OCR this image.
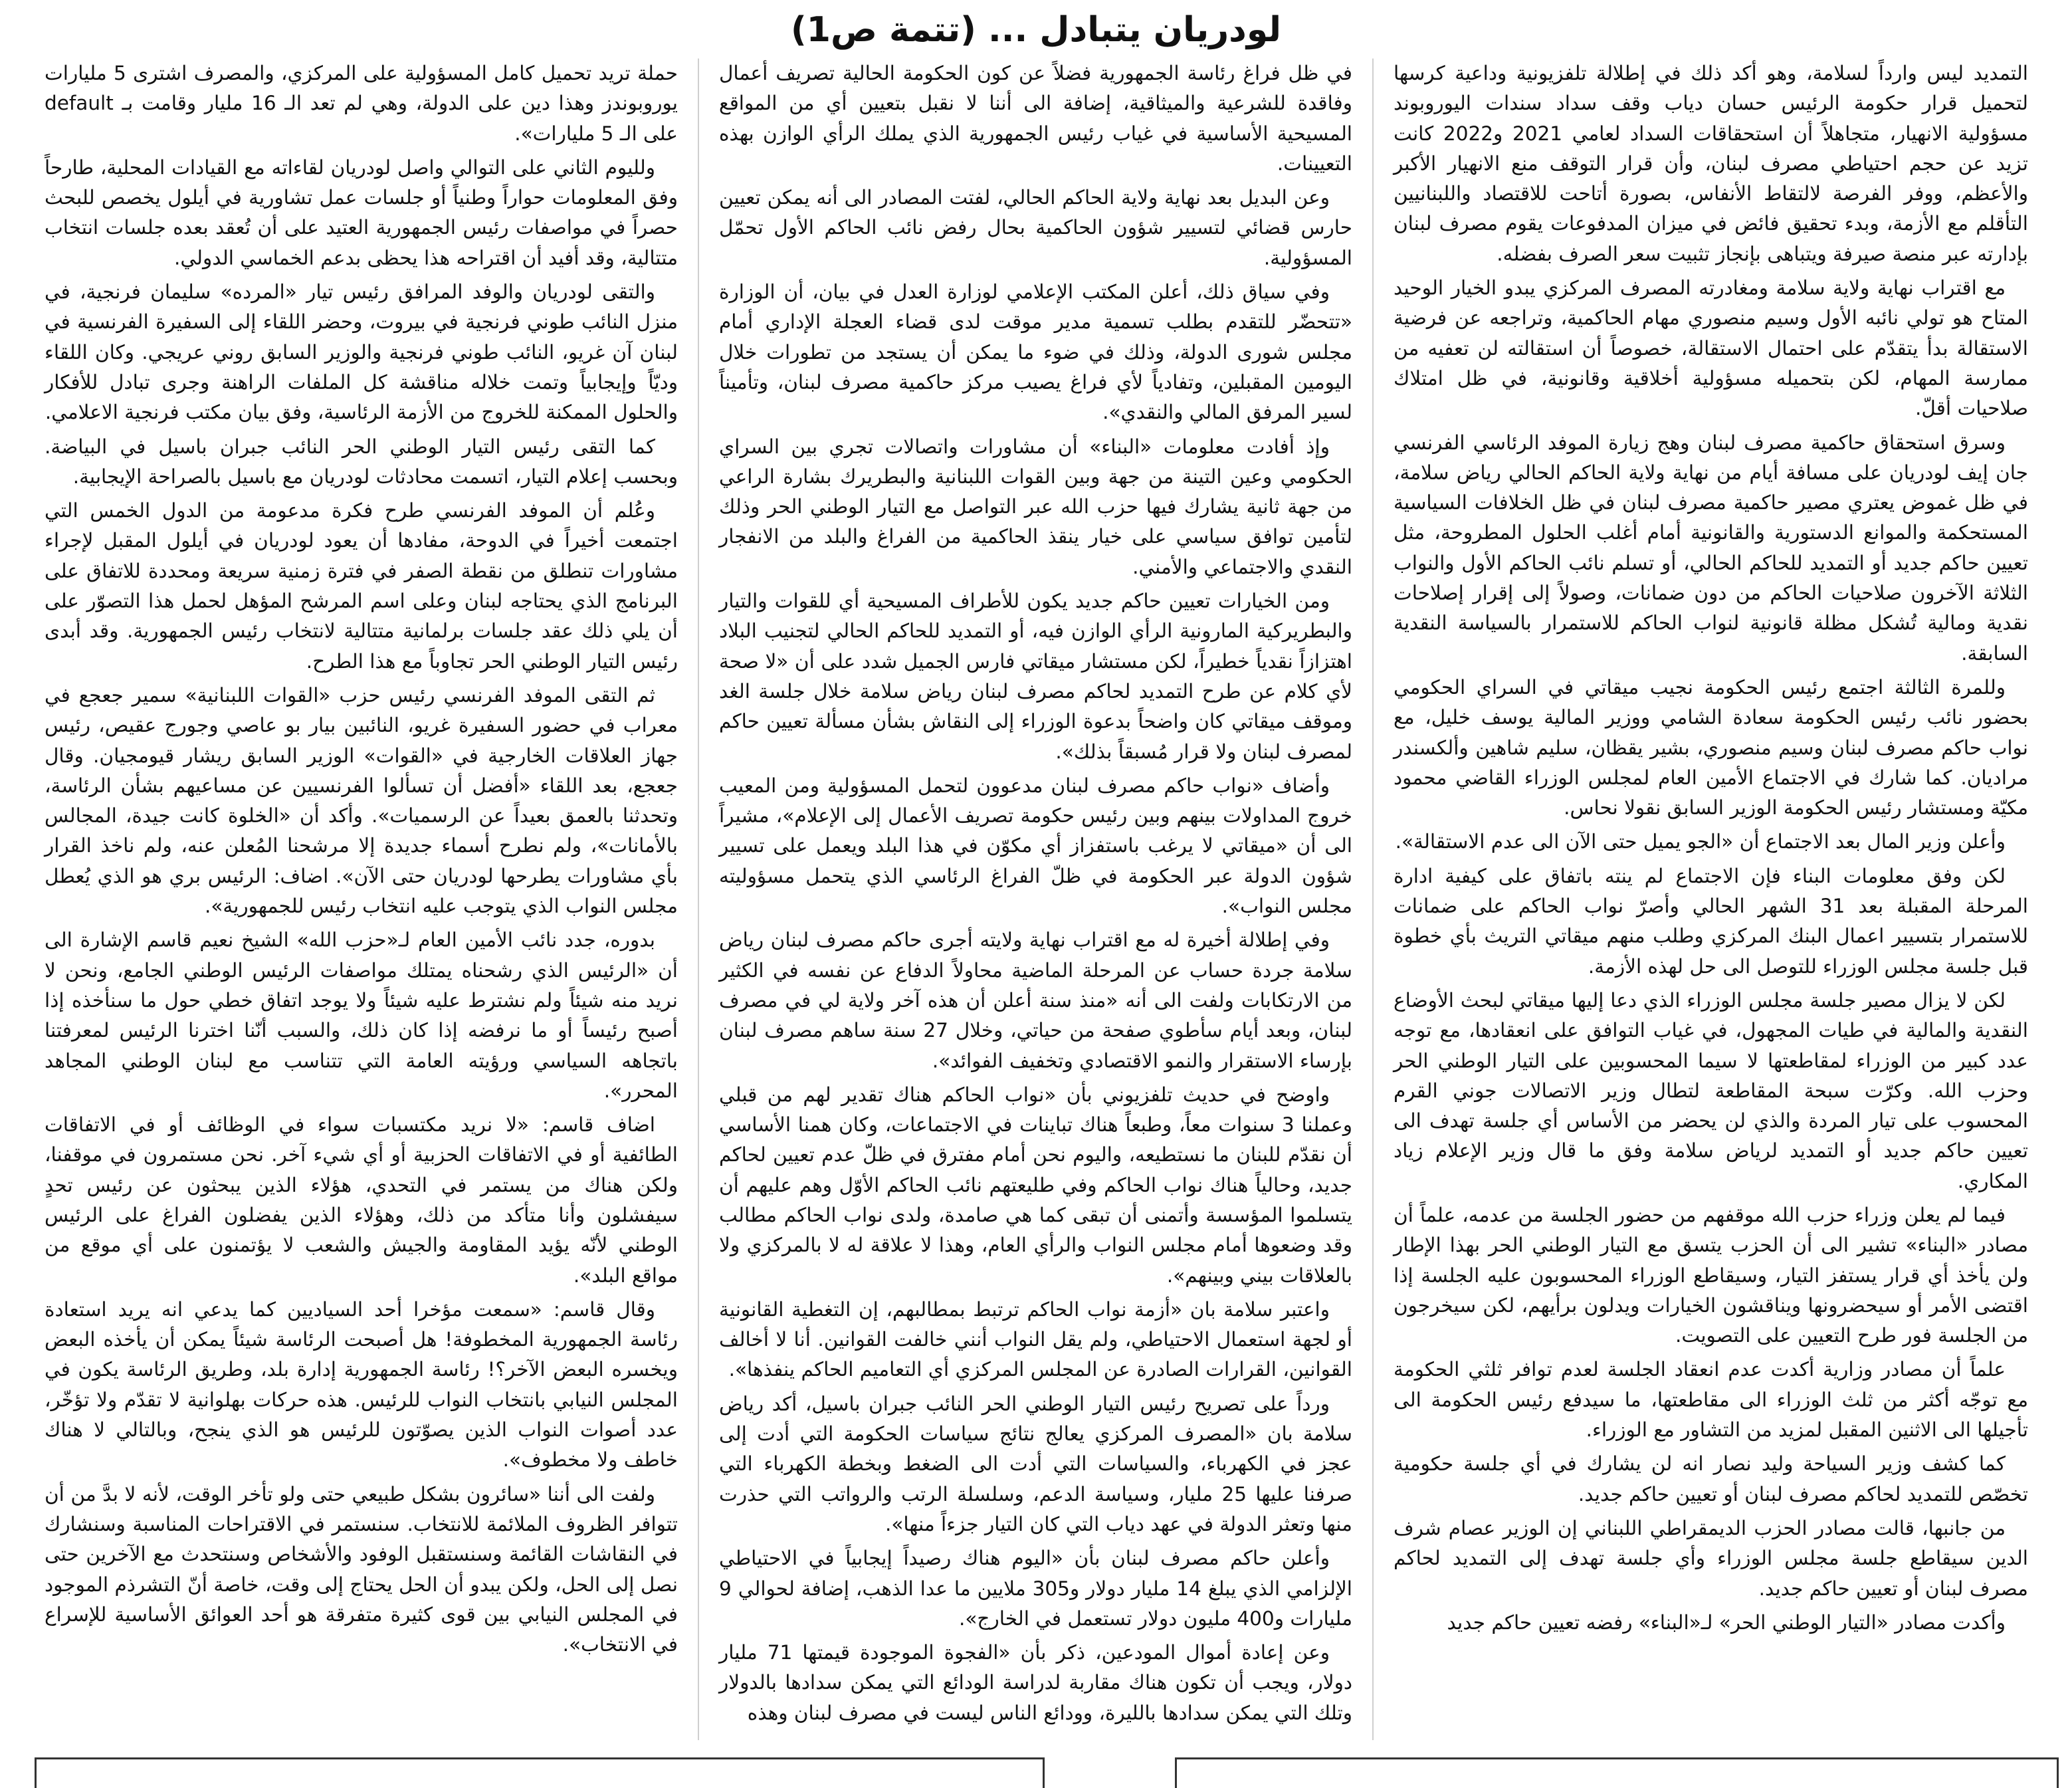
لودريان يتبادل ... (تتمة ص1)

التمديد ليس وارداً لسلامة، وهو أكد ذلك في إطلالة تلفزيونية وداعية كرسها لتحميل قرار حكومة الرئيس حسان دياب وقف سداد سندات اليوروبوند مسؤولية الانهيار، متجاهلاً أن استحقاقات السداد لعامي 2021 و2022 كانت تزيد عن حجم احتياطي مصرف لبنان، وأن قرار التوقف منع الانهيار الأكبر والأعظم، ووفر الفرصة لالتقاط الأنفاس، بصورة أتاحت للاقتصاد واللبنانيين التأقلم مع الأزمة، وبدء تحقيق فائض في ميزان المدفوعات يقوم مصرف لبنان بإدارته عبر منصة صيرفة ويتباهى بإنجاز تثبيت سعر الصرف بفضله.

مع اقتراب نهاية ولاية سلامة ومغادرته المصرف المركزي يبدو الخيار الوحيد المتاح هو تولي نائبه الأول وسيم منصوري مهام الحاكمية، وتراجعه عن فرضية الاستقالة بدأ يتقدّم على احتمال الاستقالة، خصوصاً أن استقالته لن تعفيه من ممارسة المهام، لكن بتحميله مسؤولية أخلاقية وقانونية، في ظل امتلاك صلاحيات أقلّ.

وسرق استحقاق حاكمية مصرف لبنان وهج زيارة الموفد الرئاسي الفرنسي جان إيف لودريان على مسافة أيام من نهاية ولاية الحاكم الحالي رياض سلامة، في ظل غموض يعتري مصير حاكمية مصرف لبنان في ظل الخلافات السياسية المستحكمة والموانع الدستورية والقانونية أمام أغلب الحلول المطروحة، مثل تعيين حاكم جديد أو التمديد للحاكم الحالي، أو تسلم نائب الحاكم الأول والنواب الثلاثة الآخرون صلاحيات الحاكم من دون ضمانات، وصولاً إلى إقرار إصلاحات نقدية ومالية تُشكل مظلة قانونية لنواب الحاكم للاستمرار بالسياسة النقدية السابقة.

وللمرة الثالثة اجتمع رئيس الحكومة نجيب ميقاتي في السراي الحكومي بحضور نائب رئيس الحكومة سعادة الشامي ووزير المالية يوسف خليل، مع نواب حاكم مصرف لبنان وسيم منصوري، بشير يقظان، سليم شاهين وألكسندر مراديان. كما شارك في الاجتماع الأمين العام لمجلس الوزراء القاضي محمود مكيّة ومستشار رئيس الحكومة الوزير السابق نقولا نحاس.

وأعلن وزير المال بعد الاجتماع أن «الجو يميل حتى الآن الى عدم الاستقالة».

لكن وفق معلومات البناء فإن الاجتماع لم ينته باتفاق على كيفية ادارة المرحلة المقبلة بعد 31 الشهر الحالي وأصرّ نواب الحاكم على ضمانات للاستمرار بتسيير اعمال البنك المركزي وطلب منهم ميقاتي التريث بأي خطوة قبل جلسة مجلس الوزراء للتوصل الى حل لهذه الأزمة.

لكن لا يزال مصير جلسة مجلس الوزراء الذي دعا إليها ميقاتي لبحث الأوضاع النقدية والمالية في طيات المجهول، في غياب التوافق على انعقادها، مع توجه عدد كبير من الوزراء لمقاطعتها لا سيما المحسوبين على التيار الوطني الحر وحزب الله. وكرّت سبحة المقاطعة لتطال وزير الاتصالات جوني القرم المحسوب على تيار المردة والذي لن يحضر من الأساس أي جلسة تهدف الى تعيين حاكم جديد أو التمديد لرياض سلامة وفق ما قال وزير الإعلام زياد المكاري.

فيما لم يعلن وزراء حزب الله موقفهم من حضور الجلسة من عدمه، علماً أن مصادر «البناء» تشير الى أن الحزب يتسق مع التيار الوطني الحر بهذا الإطار ولن يأخذ أي قرار يستفز التيار، وسيقاطع الوزراء المحسوبون عليه الجلسة إذا اقتضى الأمر أو سيحضرونها ويناقشون الخيارات ويدلون برأيهم، لكن سيخرجون من الجلسة فور طرح التعيين على التصويت.

علماً أن مصادر وزارية أكدت عدم انعقاد الجلسة لعدم توافر ثلثي الحكومة مع توجّه أكثر من ثلث الوزراء الى مقاطعتها، ما سيدفع رئيس الحكومة الى تأجيلها الى الاثنين المقبل لمزيد من التشاور مع الوزراء.

كما كشف وزير السياحة وليد نصار انه لن يشارك في أي جلسة حكومية تخصّص للتمديد لحاكم مصرف لبنان أو تعيين حاكم جديد.

من جانبها، قالت مصادر الحزب الديمقراطي اللبناني إن الوزير عصام شرف الدين سيقاطع جلسة مجلس الوزراء وأي جلسة تهدف إلى التمديد لحاكم مصرف لبنان أو تعيين حاكم جديد.

وأكدت مصادر «التيار الوطني الحر» لـ«البناء» رفضه تعيين حاكم جديد

في ظل فراغ رئاسة الجمهورية فضلاً عن كون الحكومة الحالية تصريف أعمال وفاقدة للشرعية والميثاقية، إضافة الى أننا لا نقبل بتعيين أي من المواقع المسيحية الأساسية في غياب رئيس الجمهورية الذي يملك الرأي الوازن بهذه التعيينات.

وعن البديل بعد نهاية ولاية الحاكم الحالي، لفتت المصادر الى أنه يمكن تعيين حارس قضائي لتسيير شؤون الحاكمية بحال رفض نائب الحاكم الأول تحمّل المسؤولية.

وفي سياق ذلك، أعلن المكتب الإعلامي لوزارة العدل في بيان، أن الوزارة «تتحضّر للتقدم بطلب تسمية مدير موقت لدى قضاء العجلة الإداري أمام مجلس شورى الدولة، وذلك في ضوء ما يمكن أن يستجد من تطورات خلال اليومين المقبلين، وتفادياً لأي فراغ يصيب مركز حاكمية مصرف لبنان، وتأميناً لسير المرفق المالي والنقدي».

وإذ أفادت معلومات «البناء» أن مشاورات واتصالات تجري بين السراي الحكومي وعين التينة من جهة وبين القوات اللبنانية والبطريرك بشارة الراعي من جهة ثانية يشارك فيها حزب الله عبر التواصل مع التيار الوطني الحر وذلك لتأمين توافق سياسي على خيار ينقذ الحاكمية من الفراغ والبلد من الانفجار النقدي والاجتماعي والأمني.

ومن الخيارات تعيين حاكم جديد يكون للأطراف المسيحية أي للقوات والتيار والبطريركية المارونية الرأي الوازن فيه، أو التمديد للحاكم الحالي لتجنيب البلاد اهتزازاً نقدياً خطيراً، لكن مستشار ميقاتي فارس الجميل شدد على أن «لا صحة لأي كلام عن طرح التمديد لحاكم مصرف لبنان رياض سلامة خلال جلسة الغد وموقف ميقاتي كان واضحاً بدعوة الوزراء إلى النقاش بشأن مسألة تعيين حاكم لمصرف لبنان ولا قرار مُسبقاً بذلك».

وأضاف «نواب حاكم مصرف لبنان مدعوون لتحمل المسؤولية ومن المعيب خروج المداولات بينهم وبين رئيس حكومة تصريف الأعمال إلى الإعلام»، مشيراً الى أن «ميقاتي لا يرغب باستفزاز أي مكوّن في هذا البلد ويعمل على تسيير شؤون الدولة عبر الحكومة في ظلّ الفراغ الرئاسي الذي يتحمل مسؤوليته مجلس النواب».

وفي إطلالة أخيرة له مع اقتراب نهاية ولايته أجرى حاكم مصرف لبنان رياض سلامة جردة حساب عن المرحلة الماضية محاولاً الدفاع عن نفسه في الكثير من الارتكابات ولفت الى أنه «منذ سنة أعلن أن هذه آخر ولاية لي في مصرف لبنان، وبعد أيام سأطوي صفحة من حياتي، وخلال 27 سنة ساهم مصرف لبنان بإرساء الاستقرار والنمو الاقتصادي وتخفيف الفوائد».

واوضح في حديث تلفزيوني بأن «نواب الحاكم هناك تقدير لهم من قبلي وعملنا 3 سنوات معاً، وطبعاً هناك تباينات في الاجتماعات، وكان همنا الأساسي أن نقدّم للبنان ما نستطيعه، واليوم نحن أمام مفترق في ظلّ عدم تعيين لحاكم جديد، وحالياً هناك نواب الحاكم وفي طليعتهم نائب الحاكم الأوّل وهم عليهم أن يتسلموا المؤسسة وأتمنى أن تبقى كما هي صامدة، ولدى نواب الحاكم مطالب وقد وضعوها أمام مجلس النواب والرأي العام، وهذا لا علاقة له لا بالمركزي ولا بالعلاقات بيني وبينهم».

واعتبر سلامة بان «أزمة نواب الحاكم ترتبط بمطالبهم، إن التغطية القانونية أو لجهة استعمال الاحتياطي، ولم يقل النواب أنني خالفت القوانين. أنا لا أخالف القوانين، القرارات الصادرة عن المجلس المركزي أي التعاميم الحاكم ينفذها».

ورداً على تصريح رئيس التيار الوطني الحر النائب جبران باسيل، أكد رياض سلامة بان «المصرف المركزي يعالج نتائج سياسات الحكومة التي أدت إلى عجز في الكهرباء، والسياسات التي أدت الى الضغط وبخطة الكهرباء التي صرفنا عليها 25 مليار، وسياسة الدعم، وسلسلة الرتب والرواتب التي حذرت منها وتعثر الدولة في عهد دياب التي كان التيار جزءاً منها».

وأعلن حاكم مصرف لبنان بأن «اليوم هناك رصيداً إيجابياً في الاحتياطي الإلزامي الذي يبلغ 14 مليار دولار و305 ملايين ما عدا الذهب، إضافة لحوالي 9 مليارات و400 مليون دولار تستعمل في الخارج».

وعن إعادة أموال المودعين، ذكر بأن «الفجوة الموجودة قيمتها 71 مليار دولار، ويجب أن تكون هناك مقاربة لدراسة الودائع التي يمكن سدادها بالدولار وتلك التي يمكن سدادها بالليرة، وودائع الناس ليست في مصرف لبنان وهذه

حملة تريد تحميل كامل المسؤولية على المركزي، والمصرف اشترى 5 مليارات يوروبوندز وهذا دين على الدولة، وهي لم تعد الـ 16 مليار وقامت بـ default على الـ 5 مليارات».

ولليوم الثاني على التوالي واصل لودريان لقاءاته مع القيادات المحلية، طارحاً وفق المعلومات حواراً وطنياً أو جلسات عمل تشاورية في أيلول يخصص للبحث حصراً في مواصفات رئيس الجمهورية العتيد على أن تُعقد بعده جلسات انتخاب متتالية، وقد أفيد أن اقتراحه هذا يحظى بدعم الخماسي الدولي.

والتقى لودريان والوفد المرافق رئيس تيار «المرده» سليمان فرنجية، في منزل النائب طوني فرنجية في بيروت، وحضر اللقاء إلى السفيرة الفرنسية في لبنان آن غريو، النائب طوني فرنجية والوزير السابق روني عريجي. وكان اللقاء وديّاً وإيجابياً وتمت خلاله مناقشة كل الملفات الراهنة وجرى تبادل للأفكار والحلول الممكنة للخروج من الأزمة الرئاسية، وفق بيان مكتب فرنجية الاعلامي.

كما التقى رئيس التيار الوطني الحر النائب جبران باسيل في البياضة. وبحسب إعلام التيار، اتسمت محادثات لودريان مع باسيل بالصراحة الإيجابية.

وعُلم أن الموفد الفرنسي طرح فكرة مدعومة من الدول الخمس التي اجتمعت أخيراً في الدوحة، مفادها أن يعود لودريان في أيلول المقبل لإجراء مشاورات تنطلق من نقطة الصفر في فترة زمنية سريعة ومحددة للاتفاق على البرنامج الذي يحتاجه لبنان وعلى اسم المرشح المؤهل لحمل هذا التصوّر على أن يلي ذلك عقد جلسات برلمانية متتالية لانتخاب رئيس الجمهورية. وقد أبدى رئيس التيار الوطني الحر تجاوباً مع هذا الطرح.

ثم التقى الموفد الفرنسي رئيس حزب «القوات اللبنانية» سمير جعجع في معراب في حضور السفيرة غريو، النائبين بيار بو عاصي وجورج عقيص، رئيس جهاز العلاقات الخارجية في «القوات» الوزير السابق ريشار قيومجيان. وقال جعجع، بعد اللقاء «أفضل أن تسألوا الفرنسيين عن مساعيهم بشأن الرئاسة، وتحدثنا بالعمق بعيداً عن الرسميات». وأكد أن «الخلوة كانت جيدة، المجالس بالأمانات»، ولم نطرح أسماء جديدة إلا مرشحنا المُعلن عنه، ولم ناخذ القرار بأي مشاورات يطرحها لودريان حتى الآن». اضاف: الرئيس بري هو الذي يُعطل مجلس النواب الذي يتوجب عليه انتخاب رئيس للجمهورية».

بدوره، جدد نائب الأمين العام لـ«حزب الله» الشيخ نعيم قاسم الإشارة الى أن «الرئيس الذي رشحناه يمتلك مواصفات الرئيس الوطني الجامع، ونحن لا نريد منه شيئاً ولم نشترط عليه شيئاً ولا يوجد اتفاق خطي حول ما سنأخذه إذا أصبح رئيساً أو ما نرفضه إذا كان ذلك، والسبب أنّنا اخترنا الرئيس لمعرفتنا باتجاهه السياسي ورؤيته العامة التي تتناسب مع لبنان الوطني المجاهد المحرر».

اضاف قاسم: «لا نريد مكتسبات سواء في الوظائف أو في الاتفاقات الطائفية أو في الاتفاقات الحزبية أو أي شيء آخر. نحن مستمرون في موقفنا، ولكن هناك من يستمر في التحدي، هؤلاء الذين يبحثون عن رئيس تحدٍ سيفشلون وأنا متأكد من ذلك، وهؤلاء الذين يفضلون الفراغ على الرئيس الوطني لأنّه يؤيد المقاومة والجيش والشعب لا يؤتمنون على أي موقع من مواقع البلد».

وقال قاسم: «سمعت مؤخرا أحد السياديين كما يدعي انه يريد استعادة رئاسة الجمهورية المخطوفة! هل أصبحت الرئاسة شيئاً يمكن أن يأخذه البعض ويخسره البعض الآخر؟! رئاسة الجمهورية إدارة بلد، وطريق الرئاسة يكون في المجلس النيابي بانتخاب النواب للرئيس. هذه حركات بهلوانية لا تقدّم ولا تؤخّر، عدد أصوات النواب الذين يصوّتون للرئيس هو الذي ينجح، وبالتالي لا هناك خاطف ولا مخطوف».

ولفت الى أننا «سائرون بشكل طبيعي حتى ولو تأخر الوقت، لأنه لا بدَّ من أن تتوافر الظروف الملائمة للانتخاب. سنستمر في الاقتراحات المناسبة وسنشارك في النقاشات القائمة وسنستقبل الوفود والأشخاص وسنتحدث مع الآخرين حتى نصل إلى الحل، ولكن يبدو أن الحل يحتاج إلى وقت، خاصة أنّ التشرذم الموجود في المجلس النيابي بين قوى كثيرة متفرقة هو أحد العوائق الأساسية للإسراع في الانتخاب».
